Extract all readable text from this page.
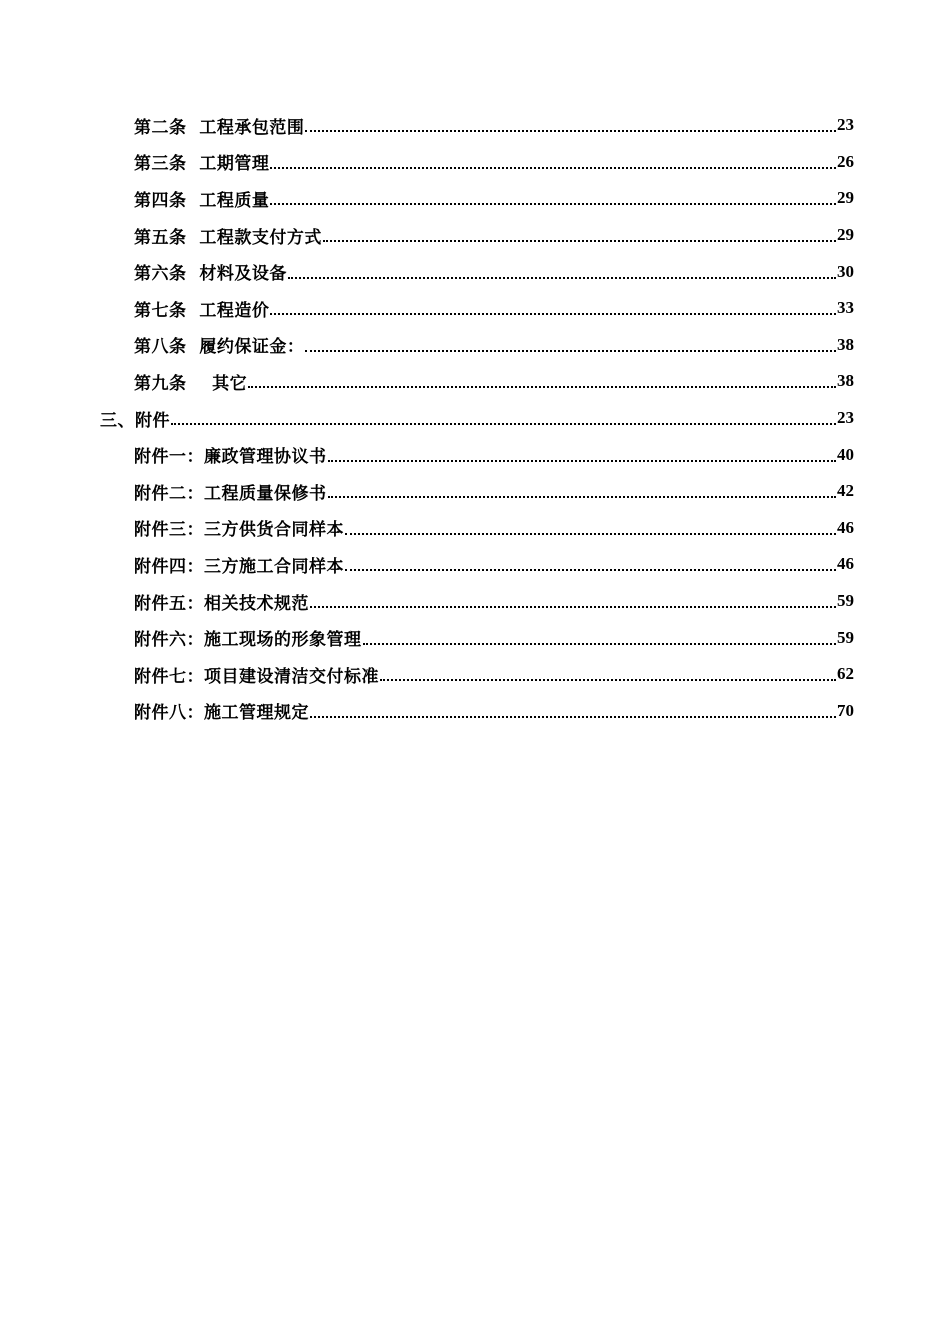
第二条  工程承包范围	23
第三条  工期管理	26
第四条  工程质量	29
第五条  工程款支付方式	29
第六条  材料及设备	30
第七条  工程造价	33
第八条  履约保证金：	38
第九条    其它	38
三、附件	23
附件一：廉政管理协议书	40
附件二：工程质量保修书	42
附件三：三方供货合同样本	46
附件四：三方施工合同样本	46
附件五：相关技术规范	59
附件六：施工现场的形象管理	59
附件七：项目建设清洁交付标准	62
附件八：施工管理规定	70
